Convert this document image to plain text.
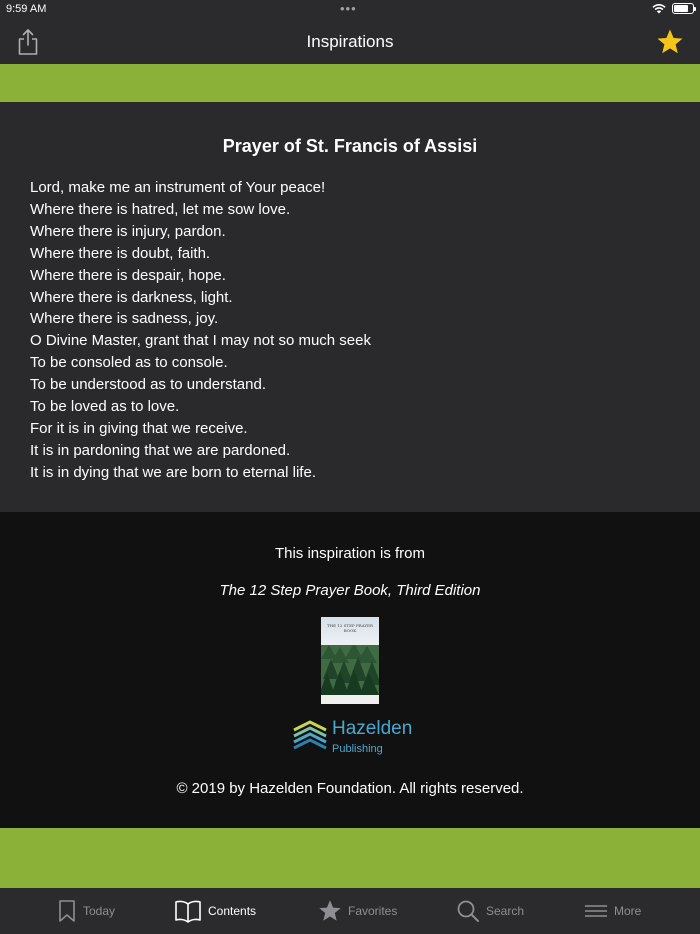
9:59 AM	•••
Inspirations
Prayer of St. Francis of Assisi
Lord, make me an instrument of Your peace!
Where there is hatred, let me sow love.
Where there is injury, pardon.
Where there is doubt, faith.
Where there is despair, hope.
Where there is darkness, light.
Where there is sadness, joy.
O Divine Master, grant that I may not so much seek
To be consoled as to console.
To be understood as to understand.
To be loved as to love.
For it is in giving that we receive.
It is in pardoning that we are pardoned.
It is in dying that we are born to eternal life.
This inspiration is from
The 12 Step Prayer Book, Third Edition
THE 12 STEP PRAYER BOOK
Hazelden
Publishing
© 2019 by Hazelden Foundation. All rights reserved.
Today	Contents	Favorites	Search	More
